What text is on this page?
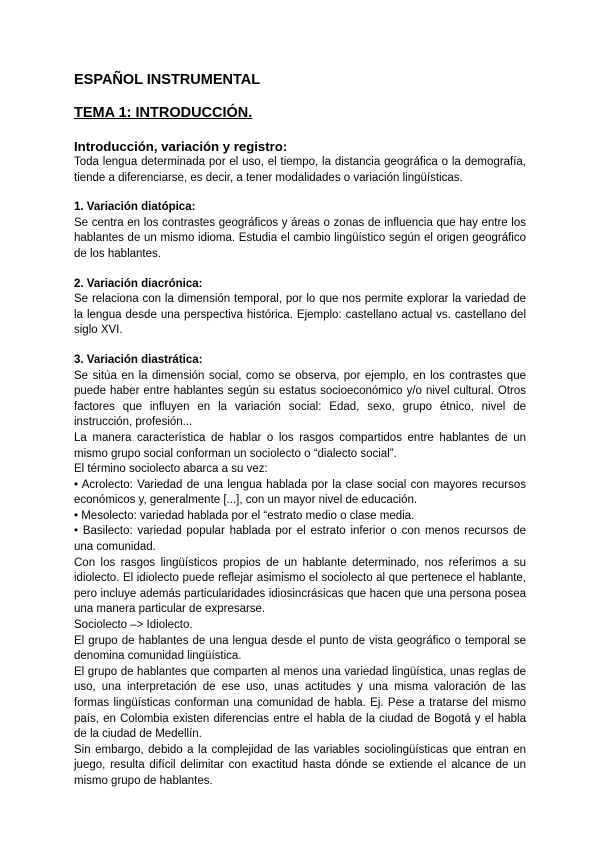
ESPAÑOL INSTRUMENTAL
TEMA 1: INTRODUCCIÓN.

Introducción, variación y registro:

Toda lengua determinada por el uso, el tiempo, la distancia geográfica o la demografía, tiende a diferenciarse, es decir, a tener modalidades o variación lingüísticas.

1. Variación diatópica:

Se centra en los contrastes geográficos y áreas o zonas de influencia que hay entre los hablantes de un mismo idioma. Estudia el cambio lingüístico según el origen geográfico de los hablantes.

2. Variación diacrónica:

Se relaciona con la dimensión temporal, por lo que nos permite explorar la variedad de la lengua desde una perspectiva histórica. Ejemplo: castellano actual vs. castellano del siglo XVI.

3. Variación diastrática:

Se sitúa en la dimensión social, como se observa, por ejemplo, en los contrastes que puede haber entre hablantes según su estatus socioeconómico y/o nivel cultural. Otros factores que influyen en la variación social: Edad, sexo, grupo étnico, nivel de instrucción, profesión...

La manera característica de hablar o los rasgos compartidos entre hablantes de un mismo grupo social conforman un sociolecto o “dialecto social”.

El término sociolecto abarca a su vez:

• Acrolecto: Variedad de una lengua hablada por la clase social con mayores recursos económicos y, generalmente [...], con un mayor nivel de educación.

• Mesolecto: variedad hablada por el “estrato medio o clase media.

• Basilecto: variedad popular hablada por el estrato inferior o con menos recursos de una comunidad.

Con los rasgos lingüísticos propios de un hablante determinado, nos referimos a su idiolecto. El idiolecto puede reflejar asimismo el sociolecto al que pertenece el hablante, pero incluye además particularidades idiosincrásicas que hacen que una persona posea una manera particular de expresarse.

Sociolecto –> Idiolecto.

El grupo de hablantes de una lengua desde el punto de vista geográfico o temporal se denomina comunidad lingüística.

El grupo de hablantes que comparten al menos una variedad lingüística, unas reglas de uso, una interpretación de ese uso, unas actitudes y una misma valoración de las formas lingüísticas conforman una comunidad de habla. Ej. Pese a tratarse del mismo país, en Colombia existen diferencias entre el habla de la ciudad de Bogotá y el habla de la ciudad de Medellín.

Sin embargo, debido a la complejidad de las variables sociolingüísticas que entran en juego, resulta difícil delimitar con exactitud hasta dónde se extiende el alcance de un mismo grupo de hablantes.
